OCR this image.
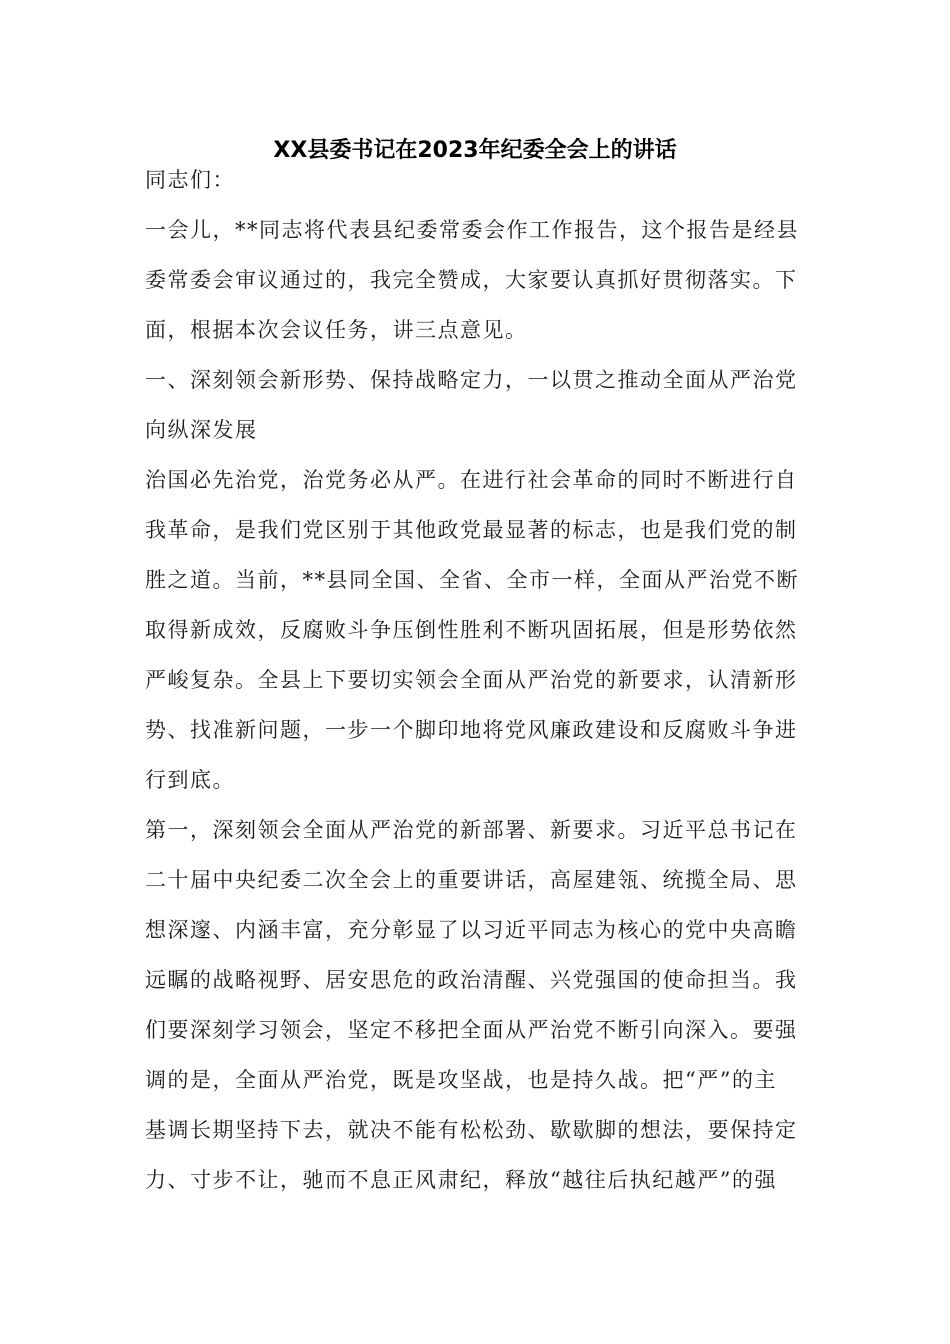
XX县委书记在2023年纪委全会上的讲话
同志们：
一会儿，**同志将代表县纪委常委会作工作报告，这个报告是经县
委常委会审议通过的，我完全赞成，大家要认真抓好贯彻落实。下
面，根据本次会议任务，讲三点意见。
一、深刻领会新形势、保持战略定力，一以贯之推动全面从严治党
向纵深发展
治国必先治党，治党务必从严。在进行社会革命的同时不断进行自
我革命，是我们党区别于其他政党最显著的标志，也是我们党的制
胜之道。当前，**县同全国、全省、全市一样，全面从严治党不断
取得新成效，反腐败斗争压倒性胜利不断巩固拓展，但是形势依然
严峻复杂。全县上下要切实领会全面从严治党的新要求，认清新形
势、找准新问题，一步一个脚印地将党风廉政建设和反腐败斗争进
行到底。
第一，深刻领会全面从严治党的新部署、新要求。习近平总书记在
二十届中央纪委二次全会上的重要讲话，高屋建瓴、统揽全局、思
想深邃、内涵丰富，充分彰显了以习近平同志为核心的党中央高瞻
远瞩的战略视野、居安思危的政治清醒、兴党强国的使命担当。我
们要深刻学习领会，坚定不移把全面从严治党不断引向深入。要强
调的是，全面从严治党，既是攻坚战，也是持久战。把“严”的主
基调长期坚持下去，就决不能有松松劲、歇歇脚的想法，要保持定
力、寸步不让，驰而不息正风肃纪，释放“越往后执纪越严”的强
